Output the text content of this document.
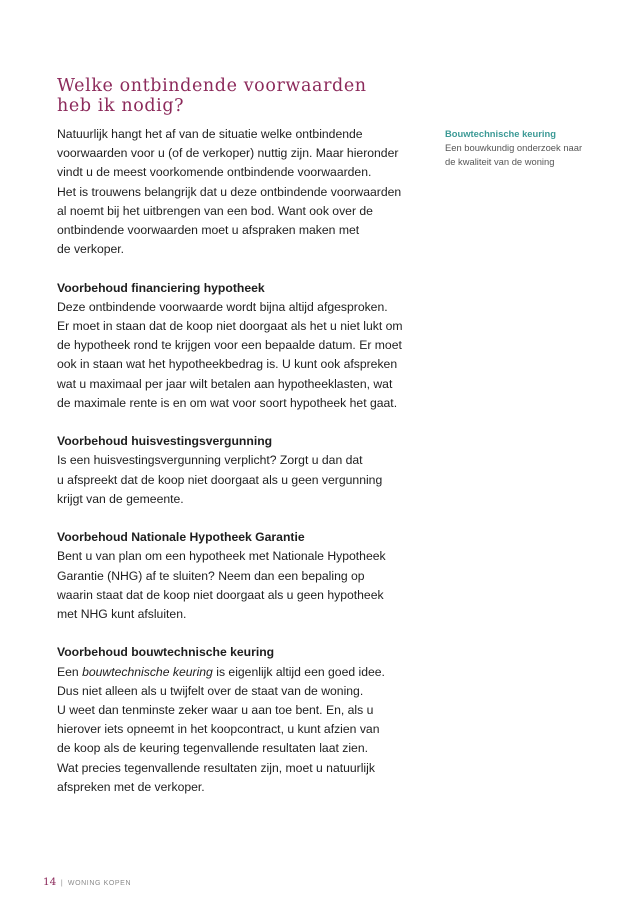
Welke ontbindende voorwaarden
heb ik nodig?
Natuurlijk hangt het af van de situatie welke ontbindende
voorwaarden voor u (of de verkoper) nuttig zijn. Maar hieronder
vindt u de meest voorkomende ontbindende voorwaarden.
Het is trouwens belangrijk dat u deze ontbindende voorwaarden
al noemt bij het uitbrengen van een bod. Want ook over de
ontbindende voorwaarden moet u afspraken maken met
de verkoper.
Voorbehoud financiering hypotheek
Deze ontbindende voorwaarde wordt bijna altijd afgesproken.
Er moet in staan dat de koop niet doorgaat als het u niet lukt om
de hypotheek rond te krijgen voor een bepaalde datum. Er moet
ook in staan wat het hypotheekbedrag is. U kunt ook afspreken
wat u maximaal per jaar wilt betalen aan hypotheeklasten, wat
de maximale rente is en om wat voor soort hypotheek het gaat.
Voorbehoud huisvestingsvergunning
Is een huisvestingsvergunning verplicht? Zorgt u dan dat
u afspreekt dat de koop niet doorgaat als u geen vergunning
krijgt van de gemeente.
Voorbehoud Nationale Hypotheek Garantie
Bent u van plan om een hypotheek met Nationale Hypotheek
Garantie (NHG) af te sluiten? Neem dan een bepaling op
waarin staat dat de koop niet doorgaat als u geen hypotheek
met NHG kunt afsluiten.
Voorbehoud bouwtechnische keuring
Een bouwtechnische keuring is eigenlijk altijd een goed idee.
Dus niet alleen als u twijfelt over de staat van de woning.
U weet dan tenminste zeker waar u aan toe bent. En, als u
hierover iets opneemt in het koopcontract, u kunt afzien van
de koop als de keuring tegenvallende resultaten laat zien.
Wat precies tegenvallende resultaten zijn, moet u natuurlijk
afspreken met de verkoper.
Bouwtechnische keuring
Een bouwkundig onderzoek naar
de kwaliteit van de woning
14 | WONING KOPEN
